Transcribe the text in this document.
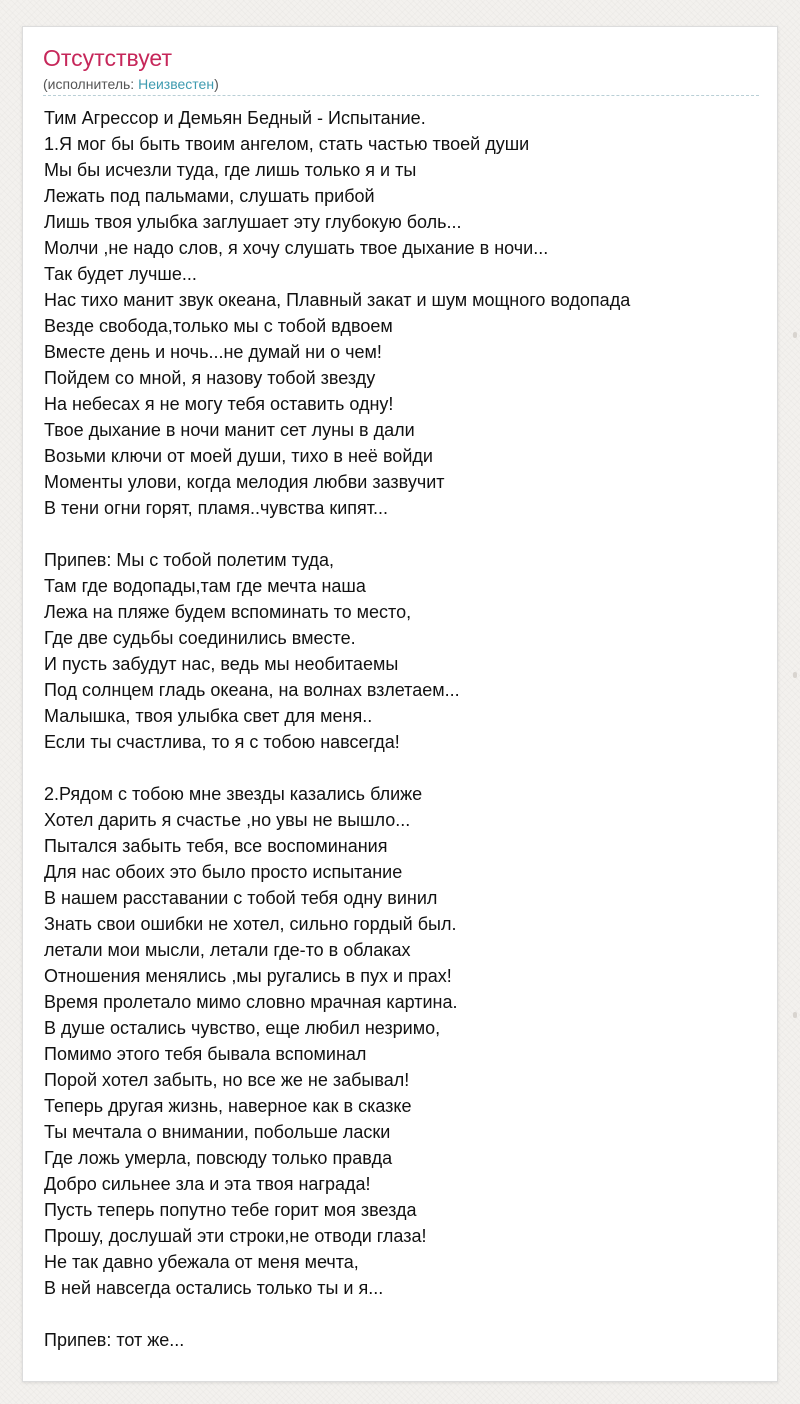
Отсутствует
(исполнитель: Неизвестен)
Тим Агрессор и Демьян Бедный - Испытание.
1.Я мог бы быть твоим ангелом, стать частью твоей души
Мы бы исчезли туда, где лишь только я и ты
Лежать под пальмами, слушать прибой
Лишь твоя улыбка заглушает эту глубокую боль...
Молчи ,не надо слов, я хочу слушать твое дыхание в ночи...
Так будет лучше...
Нас тихо манит звук океана, Плавный закат и шум мощного водопада
Везде свобода,только мы с тобой вдвоем
Вместе день и ночь...не думай ни о чем!
Пойдем со мной, я назову тобой звезду
На небесах я не могу тебя оставить одну!
Твое дыхание в ночи манит сет луны в дали
Возьми ключи от моей души, тихо в неё войди
Моменты улови, когда мелодия любви зазвучит
В тени огни горят, пламя..чувства кипят...
Припев: Мы с тобой полетим туда,
Там где водопады,там где мечта наша
Лежа на пляже будем вспоминать то место,
Где две судьбы соединились вместе.
И пусть забудут нас, ведь мы необитаемы
Под солнцем гладь океана, на волнах взлетаем...
Малышка, твоя улыбка свет для меня..
Если ты счастлива, то я с тобою навсегда!
2.Рядом с тобою мне звезды казались ближе
Хотел дарить я счастье ,но увы не вышло...
Пытался забыть тебя, все воспоминания
Для нас обоих это было просто испытание
В нашем расставании с тобой тебя одну винил
Знать свои ошибки не хотел, сильно гордый был.
летали мои мысли, летали где-то в облаках
Отношения менялись ,мы ругались в пух и прах!
Время пролетало мимо словно мрачная картина.
В душе остались чувство, еще любил незримо,
Помимо этого тебя бывала вспоминал
Порой хотел забыть, но все же не забывал!
Теперь другая жизнь, наверное как в сказке
Ты мечтала о внимании, побольше ласки
Где ложь умерла, повсюду только правда
Добро сильнее зла и эта твоя награда!
Пусть теперь попутно тебе горит моя звезда
Прошу, дослушай эти строки,не отводи глаза!
Не так давно убежала от меня мечта,
В ней навсегда остались только ты и я...
Припев: тот же...
